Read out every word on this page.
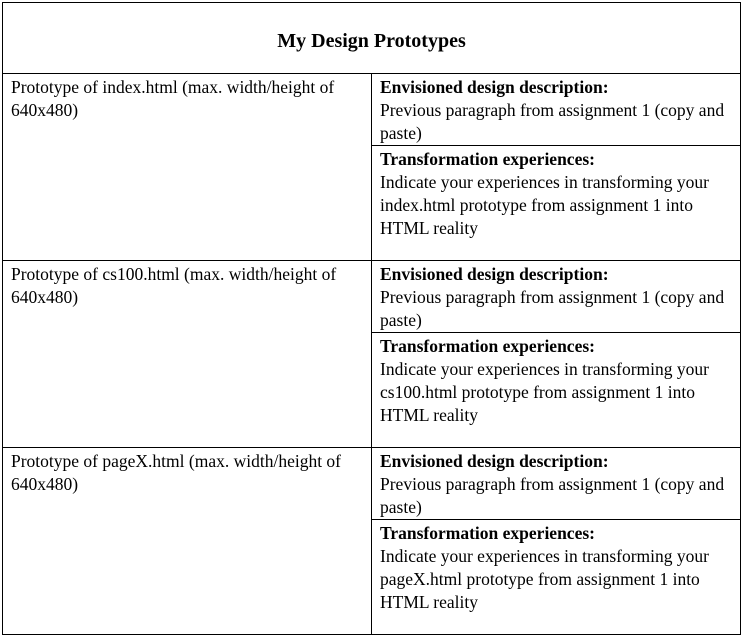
My Design Prototypes	

Prototype of index.html (max. width/height of 640x480)	Envisioned design description:
Previous paragraph from assignment 1 (copy and paste)

	Transformation experiences:
Indicate your experiences in transforming your index.html prototype from assignment 1 into HTML reality

Prototype of cs100.html (max. width/height of 640x480)	Envisioned design description:
Previous paragraph from assignment 1 (copy and paste)

	Transformation experiences:
Indicate your experiences in transforming your cs100.html prototype from assignment 1 into HTML reality

Prototype of pageX.html (max. width/height of 640x480)	Envisioned design description:
Previous paragraph from assignment 1 (copy and paste)

	Transformation experiences:
Indicate your experiences in transforming your pageX.html prototype from assignment 1 into HTML reality
